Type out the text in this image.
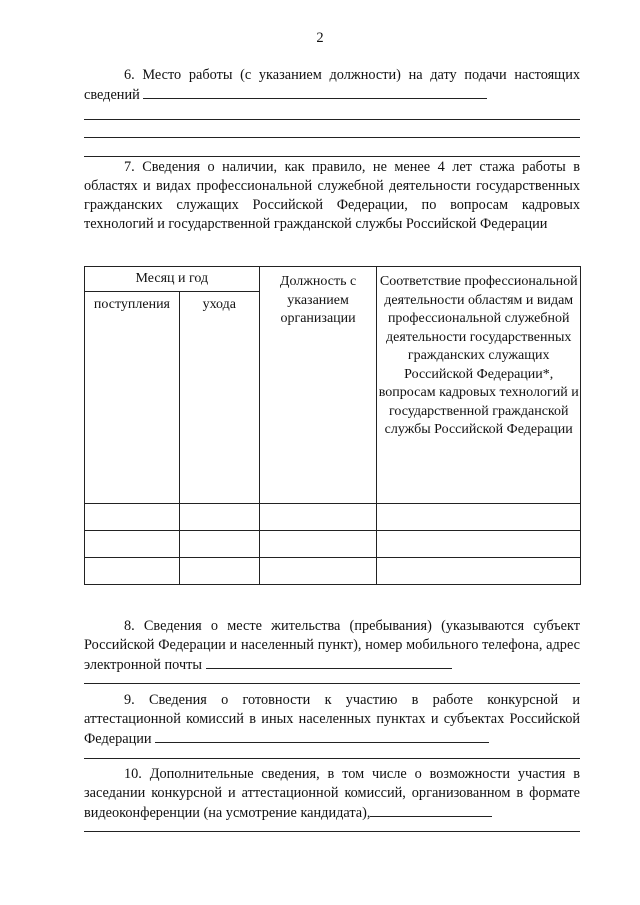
2
6. Место работы (с указанием должности) на дату подачи настоящих сведений
7. Сведения о наличии, как правило, не менее 4 лет стажа работы в областях и видах профессиональной служебной деятельности государственных гражданских служащих Российской Федерации, по вопросам кадровых технологий и государственной гражданской службы Российской Федерации
Месяц и год		Должность с указанием организации	Соответствие профессиональной деятельности областям и видам профессиональной служебной деятельности государственных гражданских служащих Российской Федерации*, вопросам кадровых технологий и государственной гражданской службы Российской Федерации
поступления	ухода		

8. Сведения о месте жительства (пребывания) (указываются субъект Российской Федерации и населенный пункт), номер мобильного телефона, адрес электронной почты
9. Сведения о готовности к участию в работе конкурсной и аттестационной комиссий в иных населенных пунктах и субъектах Российской Федерации
10. Дополнительные сведения, в том числе о возможности участия в заседании конкурсной и аттестационной комиссий, организованном в формате видеоконференции (на усмотрение кандидата),
